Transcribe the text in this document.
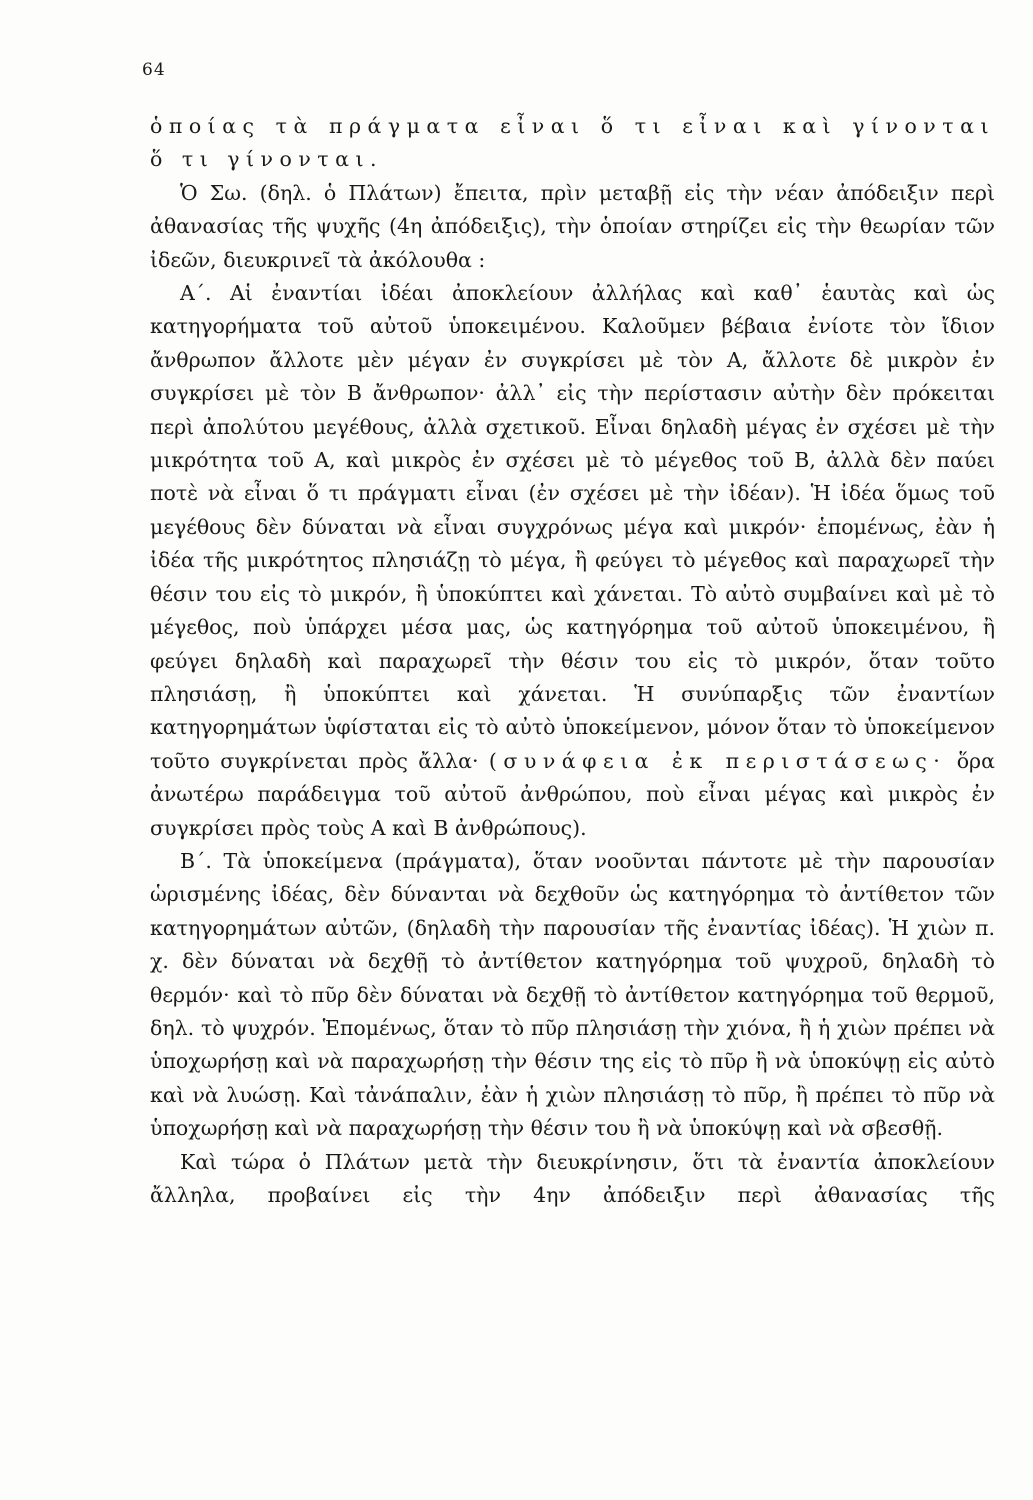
64

ὁποίας τὰ πράγματα εἶναι ὅ τι εἶναι καὶ γίνονται ὅ τι γίνονται.

Ὁ Σω. (δηλ. ὁ Πλάτων) ἔπειτα, πρὶν μεταβῇ εἰς τὴν νέαν ἀπόδειξιν περὶ ἀθανασίας τῆς ψυχῆς (4η ἀπόδειξις), τὴν ὁποίαν στηρίζει εἰς τὴν θεωρίαν τῶν ἰδεῶν, διευκρινεῖ τὰ ἀκόλουθα :

Α΄. Αἱ ἐναντίαι ἰδέαι ἀποκλείουν ἀλλήλας καὶ καθ᾽ ἑαυτὰς καὶ ὡς κατηγορήματα τοῦ αὐτοῦ ὑποκειμένου. Καλοῦμεν βέβαια ἐνίοτε τὸν ἴδιον ἄνθρωπον ἄλλοτε μὲν μέγαν ἐν συγκρίσει μὲ τὸν Α, ἄλλοτε δὲ μικρὸν ἐν συγκρίσει μὲ τὸν Β ἄνθρωπον· ἀλλ᾽ εἰς τὴν περίστασιν αὐτὴν δὲν πρόκειται περὶ ἀπολύτου μεγέθους, ἀλλὰ σχετικοῦ. Εἶναι δηλαδὴ μέγας ἐν σχέσει μὲ τὴν μικρότητα τοῦ Α, καὶ μικρὸς ἐν σχέσει μὲ τὸ μέγεθος τοῦ Β, ἀλλὰ δὲν παύει ποτὲ νὰ εἶναι ὅ τι πράγματι εἶναι (ἐν σχέσει μὲ τὴν ἰδέαν). Ἡ ἰδέα ὅμως τοῦ μεγέθους δὲν δύναται νὰ εἶναι συγχρόνως μέγα καὶ μικρόν· ἑπομένως, ἐὰν ἡ ἰδέα τῆς μικρότητος πλησιάζῃ τὸ μέγα, ἢ φεύγει τὸ μέγεθος καὶ παραχωρεῖ τὴν θέσιν του εἰς τὸ μικρόν, ἢ ὑποκύπτει καὶ χάνεται. Τὸ αὐτὸ συμβαίνει καὶ μὲ τὸ μέγεθος, ποὺ ὑπάρχει μέσα μας, ὡς κατηγόρημα τοῦ αὐτοῦ ὑποκειμένου, ἢ φεύγει δηλαδὴ καὶ παραχωρεῖ τὴν θέσιν του εἰς τὸ μικρόν, ὅταν τοῦτο πλησιάσῃ, ἢ ὑποκύπτει καὶ χάνεται. Ἡ συνύπαρξις τῶν ἐναντίων κατηγορημάτων ὑφίσταται εἰς τὸ αὐτὸ ὑποκείμενον, μόνον ὅταν τὸ ὑποκείμενον τοῦτο συγκρίνεται πρὸς ἄλλα· (συνάφεια ἐκ περιστάσεως· ὅρα ἀνωτέρω παράδειγμα τοῦ αὐτοῦ ἀνθρώπου, ποὺ εἶναι μέγας καὶ μικρὸς ἐν συγκρίσει πρὸς τοὺς Α καὶ Β ἀνθρώπους).

Β΄. Τὰ ὑποκείμενα (πράγματα), ὅταν νοοῦνται πάντοτε μὲ τὴν παρουσίαν ὡρισμένης ἰδέας, δὲν δύνανται νὰ δεχθοῦν ὡς κατηγόρημα τὸ ἀντίθετον τῶν κατηγορημάτων αὐτῶν, (δηλαδὴ τὴν παρουσίαν τῆς ἐναντίας ἰδέας). Ἡ χιὼν π. χ. δὲν δύναται νὰ δεχθῇ τὸ ἀντίθετον κατηγόρημα τοῦ ψυχροῦ, δηλαδὴ τὸ θερμόν· καὶ τὸ πῦρ δὲν δύναται νὰ δεχθῇ τὸ ἀντίθετον κατηγόρημα τοῦ θερμοῦ, δηλ. τὸ ψυχρόν. Ἑπομένως, ὅταν τὸ πῦρ πλησιάσῃ τὴν χιόνα, ἢ ἡ χιὼν πρέπει νὰ ὑποχωρήσῃ καὶ νὰ παραχωρήσῃ τὴν θέσιν της εἰς τὸ πῦρ ἢ νὰ ὑποκύψῃ εἰς αὐτὸ καὶ νὰ λυώσῃ. Καὶ τἀνάπαλιν, ἐὰν ἡ χιὼν πλησιάσῃ τὸ πῦρ, ἢ πρέπει τὸ πῦρ νὰ ὑποχωρήσῃ καὶ νὰ παραχωρήσῃ τὴν θέσιν του ἢ νὰ ὑποκύψῃ καὶ νὰ σβεσθῇ.

Καὶ τώρα ὁ Πλάτων μετὰ τὴν διευκρίνησιν, ὅτι τὰ ἐναντία ἀποκλείουν ἄλληλα, προβαίνει εἰς τὴν 4ην ἀπόδειξιν περὶ ἀθανασίας τῆς
